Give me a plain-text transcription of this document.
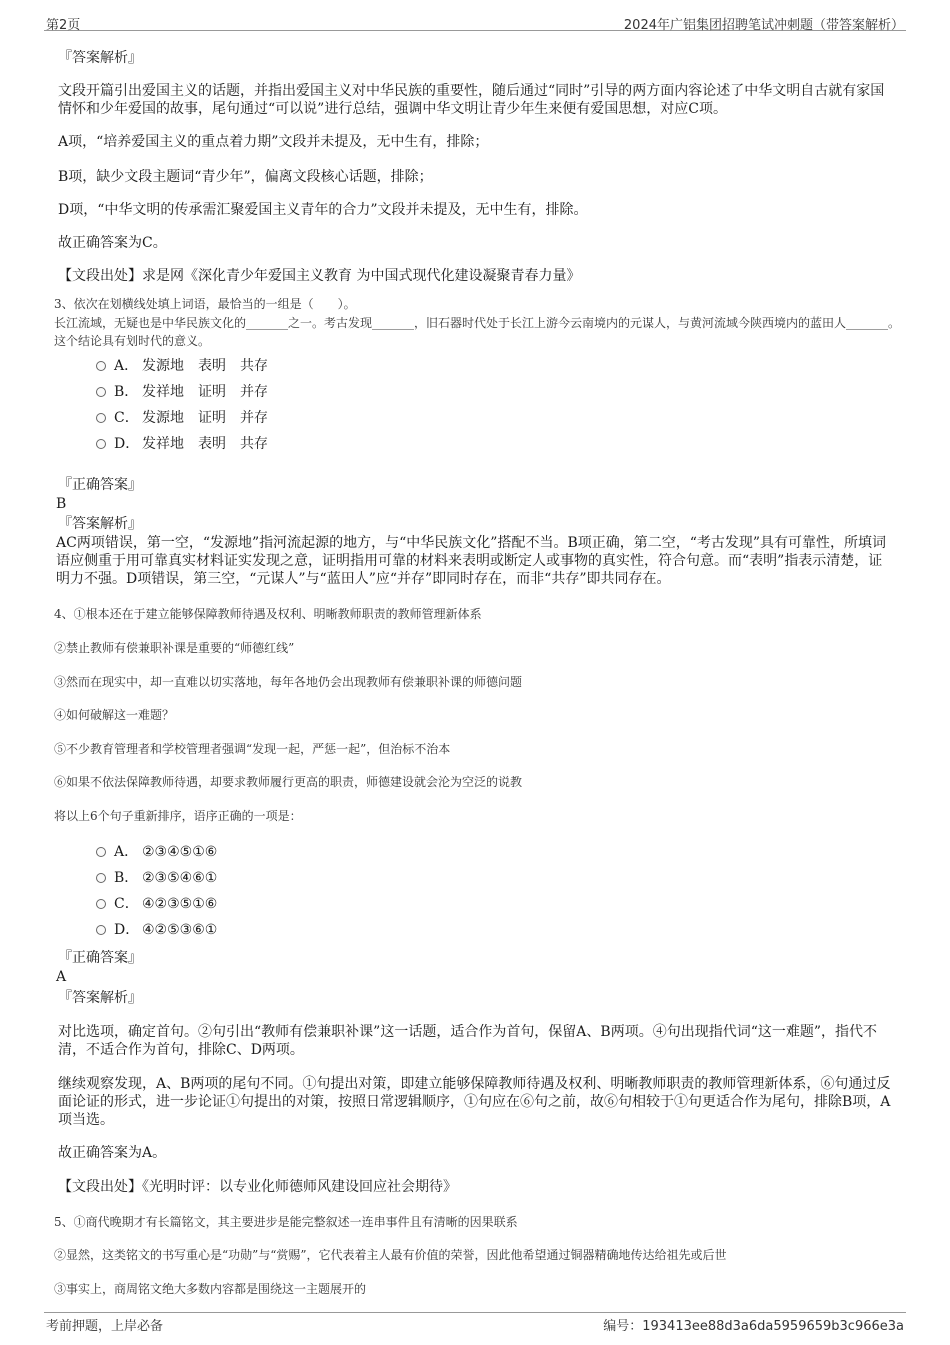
第2页	2024年广铝集团招聘笔试冲刺题（带答案解析）
『答案解析』
文段开篇引出爱国主义的话题，并指出爱国主义对中华民族的重要性，随后通过“同时”引导的两方面内容论述了中华文明自古就有家国情怀和少年爱国的故事，尾句通过“可以说”进行总结，强调中华文明让青少年生来便有爱国思想，对应C项。
A项，“培养爱国主义的重点着力期”文段并未提及，无中生有，排除；
B项，缺少文段主题词“青少年”，偏离文段核心话题，排除；
D项，“中华文明的传承需汇聚爱国主义青年的合力”文段并未提及，无中生有，排除。
故正确答案为C。
【文段出处】求是网《深化青少年爱国主义教育 为中国式现代化建设凝聚青春力量》
3、依次在划横线处填上词语，最恰当的一组是（　　）。
长江流域，无疑也是中华民族文化的_______之一。考古发现_______，旧石器时代处于长江上游今云南境内的元谋人，与黄河流域今陕西境内的蓝田人_______。这个结论具有划时代的意义。
A． 发源地　表明　共存
B． 发祥地　证明　并存
C． 发源地　证明　并存
D． 发祥地　表明　共存
『正确答案』
B
『答案解析』
AC两项错误，第一空，“发源地”指河流起源的地方，与“中华民族文化”搭配不当。B项正确，第二空，“考古发现”具有可靠性，所填词语应侧重于用可靠真实材料证实发现之意，证明指用可靠的材料来表明或断定人或事物的真实性，符合句意。而“表明”指表示清楚，证明力不强。D项错误，第三空，“元谋人”与“蓝田人”应“并存”即同时存在，而非“共存”即共同存在。
4、①根本还在于建立能够保障教师待遇及权利、明晰教师职责的教师管理新体系
②禁止教师有偿兼职补课是重要的“师德红线”
③然而在现实中，却一直难以切实落地，每年各地仍会出现教师有偿兼职补课的师德问题
④如何破解这一难题？
⑤不少教育管理者和学校管理者强调“发现一起，严惩一起”，但治标不治本
⑥如果不依法保障教师待遇，却要求教师履行更高的职责，师德建设就会沦为空泛的说教
将以上6个句子重新排序，语序正确的一项是：
A． ②③④⑤①⑥
B． ②③⑤④⑥①
C． ④②③⑤①⑥
D． ④②⑤③⑥①
『正确答案』
A
『答案解析』
对比选项，确定首句。②句引出“教师有偿兼职补课”这一话题，适合作为首句，保留A、B两项。④句出现指代词“这一难题”，指代不清，不适合作为首句，排除C、D两项。
继续观察发现，A、B两项的尾句不同。①句提出对策，即建立能够保障教师待遇及权利、明晰教师职责的教师管理新体系，⑥句通过反面论证的形式，进一步论证①句提出的对策，按照日常逻辑顺序，①句应在⑥句之前，故⑥句相较于①句更适合作为尾句，排除B项，A项当选。
故正确答案为A。
【文段出处】《光明时评：以专业化师德师风建设回应社会期待》
5、①商代晚期才有长篇铭文，其主要进步是能完整叙述一连串事件且有清晰的因果联系
②显然，这类铭文的书写重心是“功勋”与“赏赐”，它代表着主人最有价值的荣誉，因此他希望通过铜器精确地传达给祖先或后世
③事实上，商周铭文绝大多数内容都是围绕这一主题展开的
考前押题，上岸必备	编号：193413ee88d3a6da5959659b3c966e3a
